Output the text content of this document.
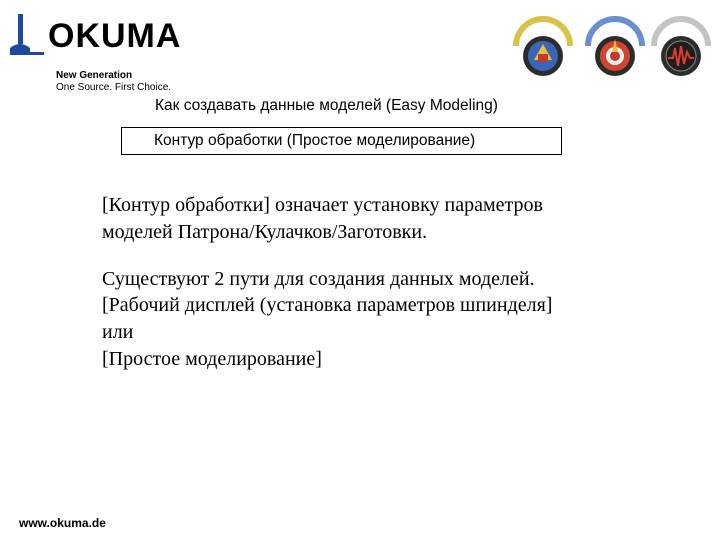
OKUMA
New Generation
One Source. First Choice.
Как создавать данные моделей (Easy Modeling)
Контур обработки (Простое моделирование)
[Контур обработки] означает установку параметров
моделей Патрона/Кулачков/Заготовки.
Существуют 2 пути для создания данных моделей.
[Рабочий дисплей (установка параметров шпинделя]
или
[Простое моделирование]
www.okuma.de
